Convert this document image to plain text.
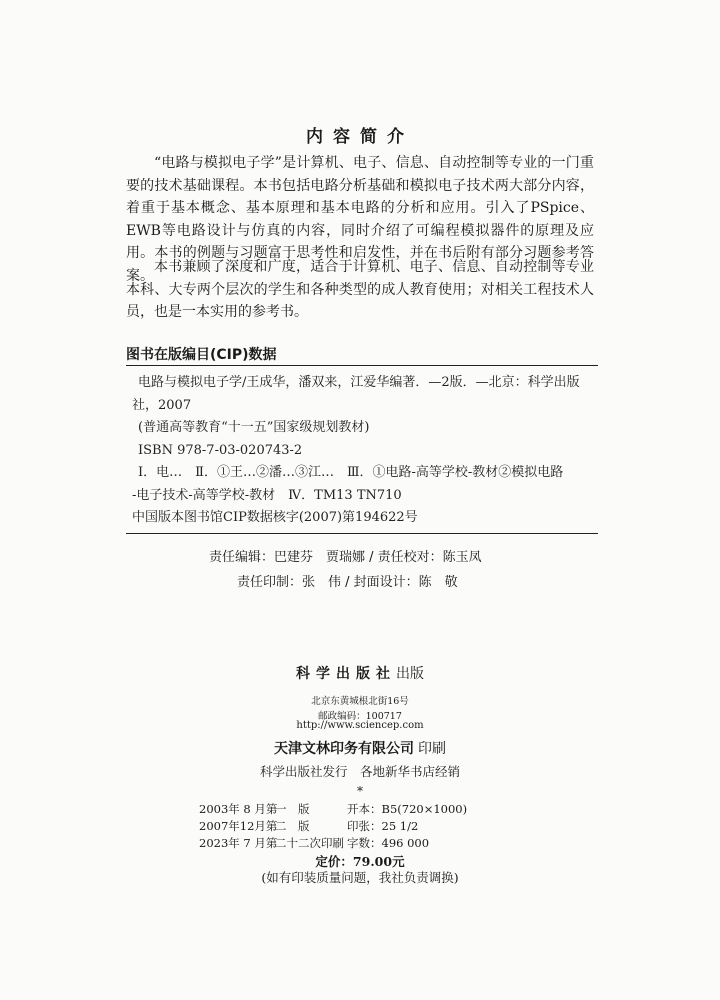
内容简介
“电路与模拟电子学”是计算机、电子、信息、自动控制等专业的一门重要的技术基础课程。本书包括电路分析基础和模拟电子技术两大部分内容，着重于基本概念、基本原理和基本电路的分析和应用。引入了PSpice、EWB等电路设计与仿真的内容，同时介绍了可编程模拟器件的原理及应用。本书的例题与习题富于思考性和启发性，并在书后附有部分习题参考答案。
本书兼顾了深度和广度，适合于计算机、电子、信息、自动控制等专业本科、大专两个层次的学生和各种类型的成人教育使用；对相关工程技术人员，也是一本实用的参考书。
图书在版编目(CIP)数据
电路与模拟电子学/王成华，潘双来，江爱华编著．—2版．—北京：科学出版
社，2007
(普通高等教育“十一五”国家级规划教材)
ISBN 978-7-03-020743-2
Ⅰ．电…　Ⅱ．①王…②潘…③江…　Ⅲ．①电路-高等学校-教材②模拟电路
-电子技术-高等学校-教材　Ⅳ．TM13 TN710
中国版本图书馆CIP数据核字(2007)第194622号
责任编辑：巴建芬　贾瑞娜 / 责任校对：陈玉凤
责任印制：张　伟 / 封面设计：陈　敬
科学出版社出版
北京东黄城根北街16号
邮政编码：100717
http://www.sciencep.com
天津文林印务有限公司 印刷
科学出版社发行　各地新华书店经销
*
2003年 8 月第一　版	开本：B5(720×1000)
2007年12月第二　版	印张：25 1/2
2023年 7 月第二十二次印刷 字数：496 000
定价：79.00元
(如有印装质量问题，我社负责调换)
